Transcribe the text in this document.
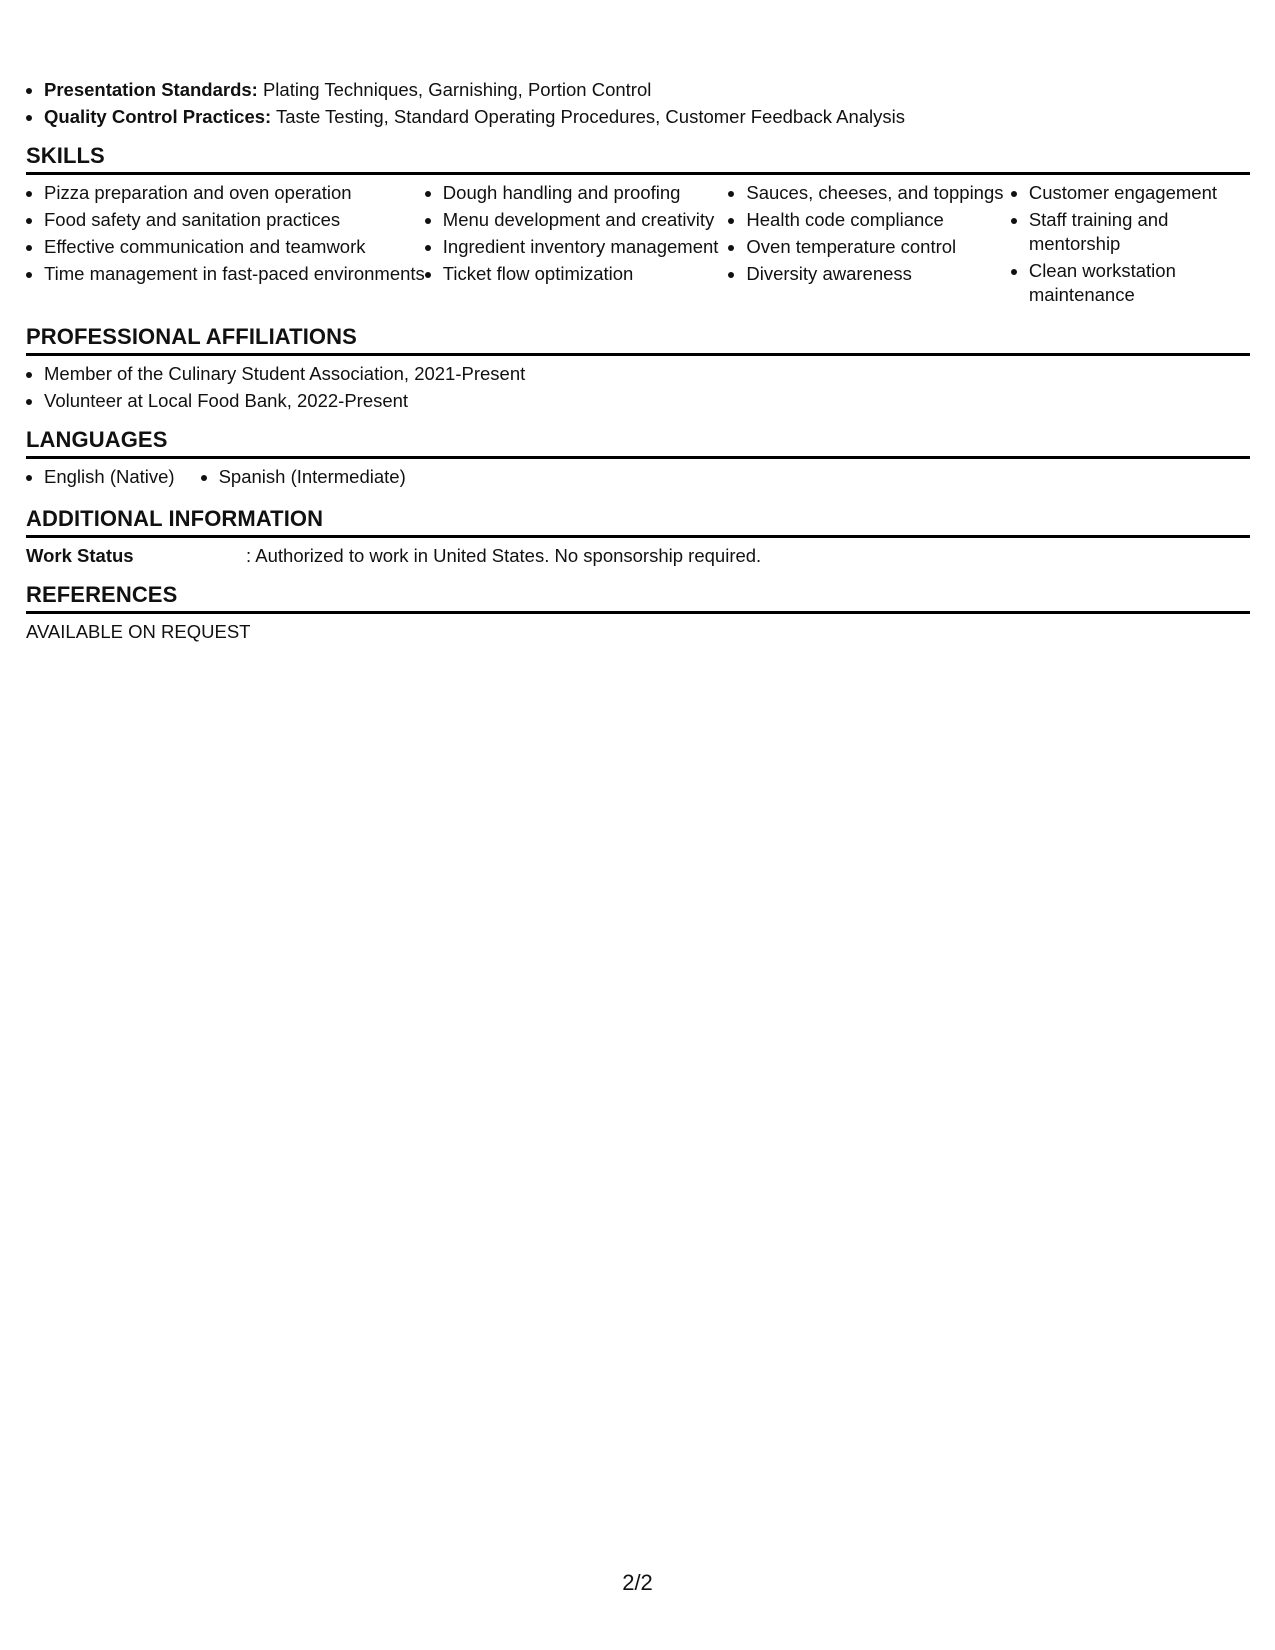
• Presentation Standards: Plating Techniques, Garnishing, Portion Control
• Quality Control Practices: Taste Testing, Standard Operating Procedures, Customer Feedback Analysis
SKILLS
• Pizza preparation and oven operation
• Food safety and sanitation practices
• Effective communication and teamwork
• Time management in fast-paced environments
• Dough handling and proofing
• Menu development and creativity
• Ingredient inventory management
• Ticket flow optimization
• Sauces, cheeses, and toppings
• Health code compliance
• Oven temperature control
• Diversity awareness
• Customer engagement
• Staff training and mentorship
• Clean workstation maintenance
PROFESSIONAL AFFILIATIONS
• Member of the Culinary Student Association, 2021-Present
• Volunteer at Local Food Bank, 2022-Present
LANGUAGES
• English (Native)
• Spanish (Intermediate)
ADDITIONAL INFORMATION
Work Status	: Authorized to work in United States. No sponsorship required.
REFERENCES
AVAILABLE ON REQUEST
2/2
